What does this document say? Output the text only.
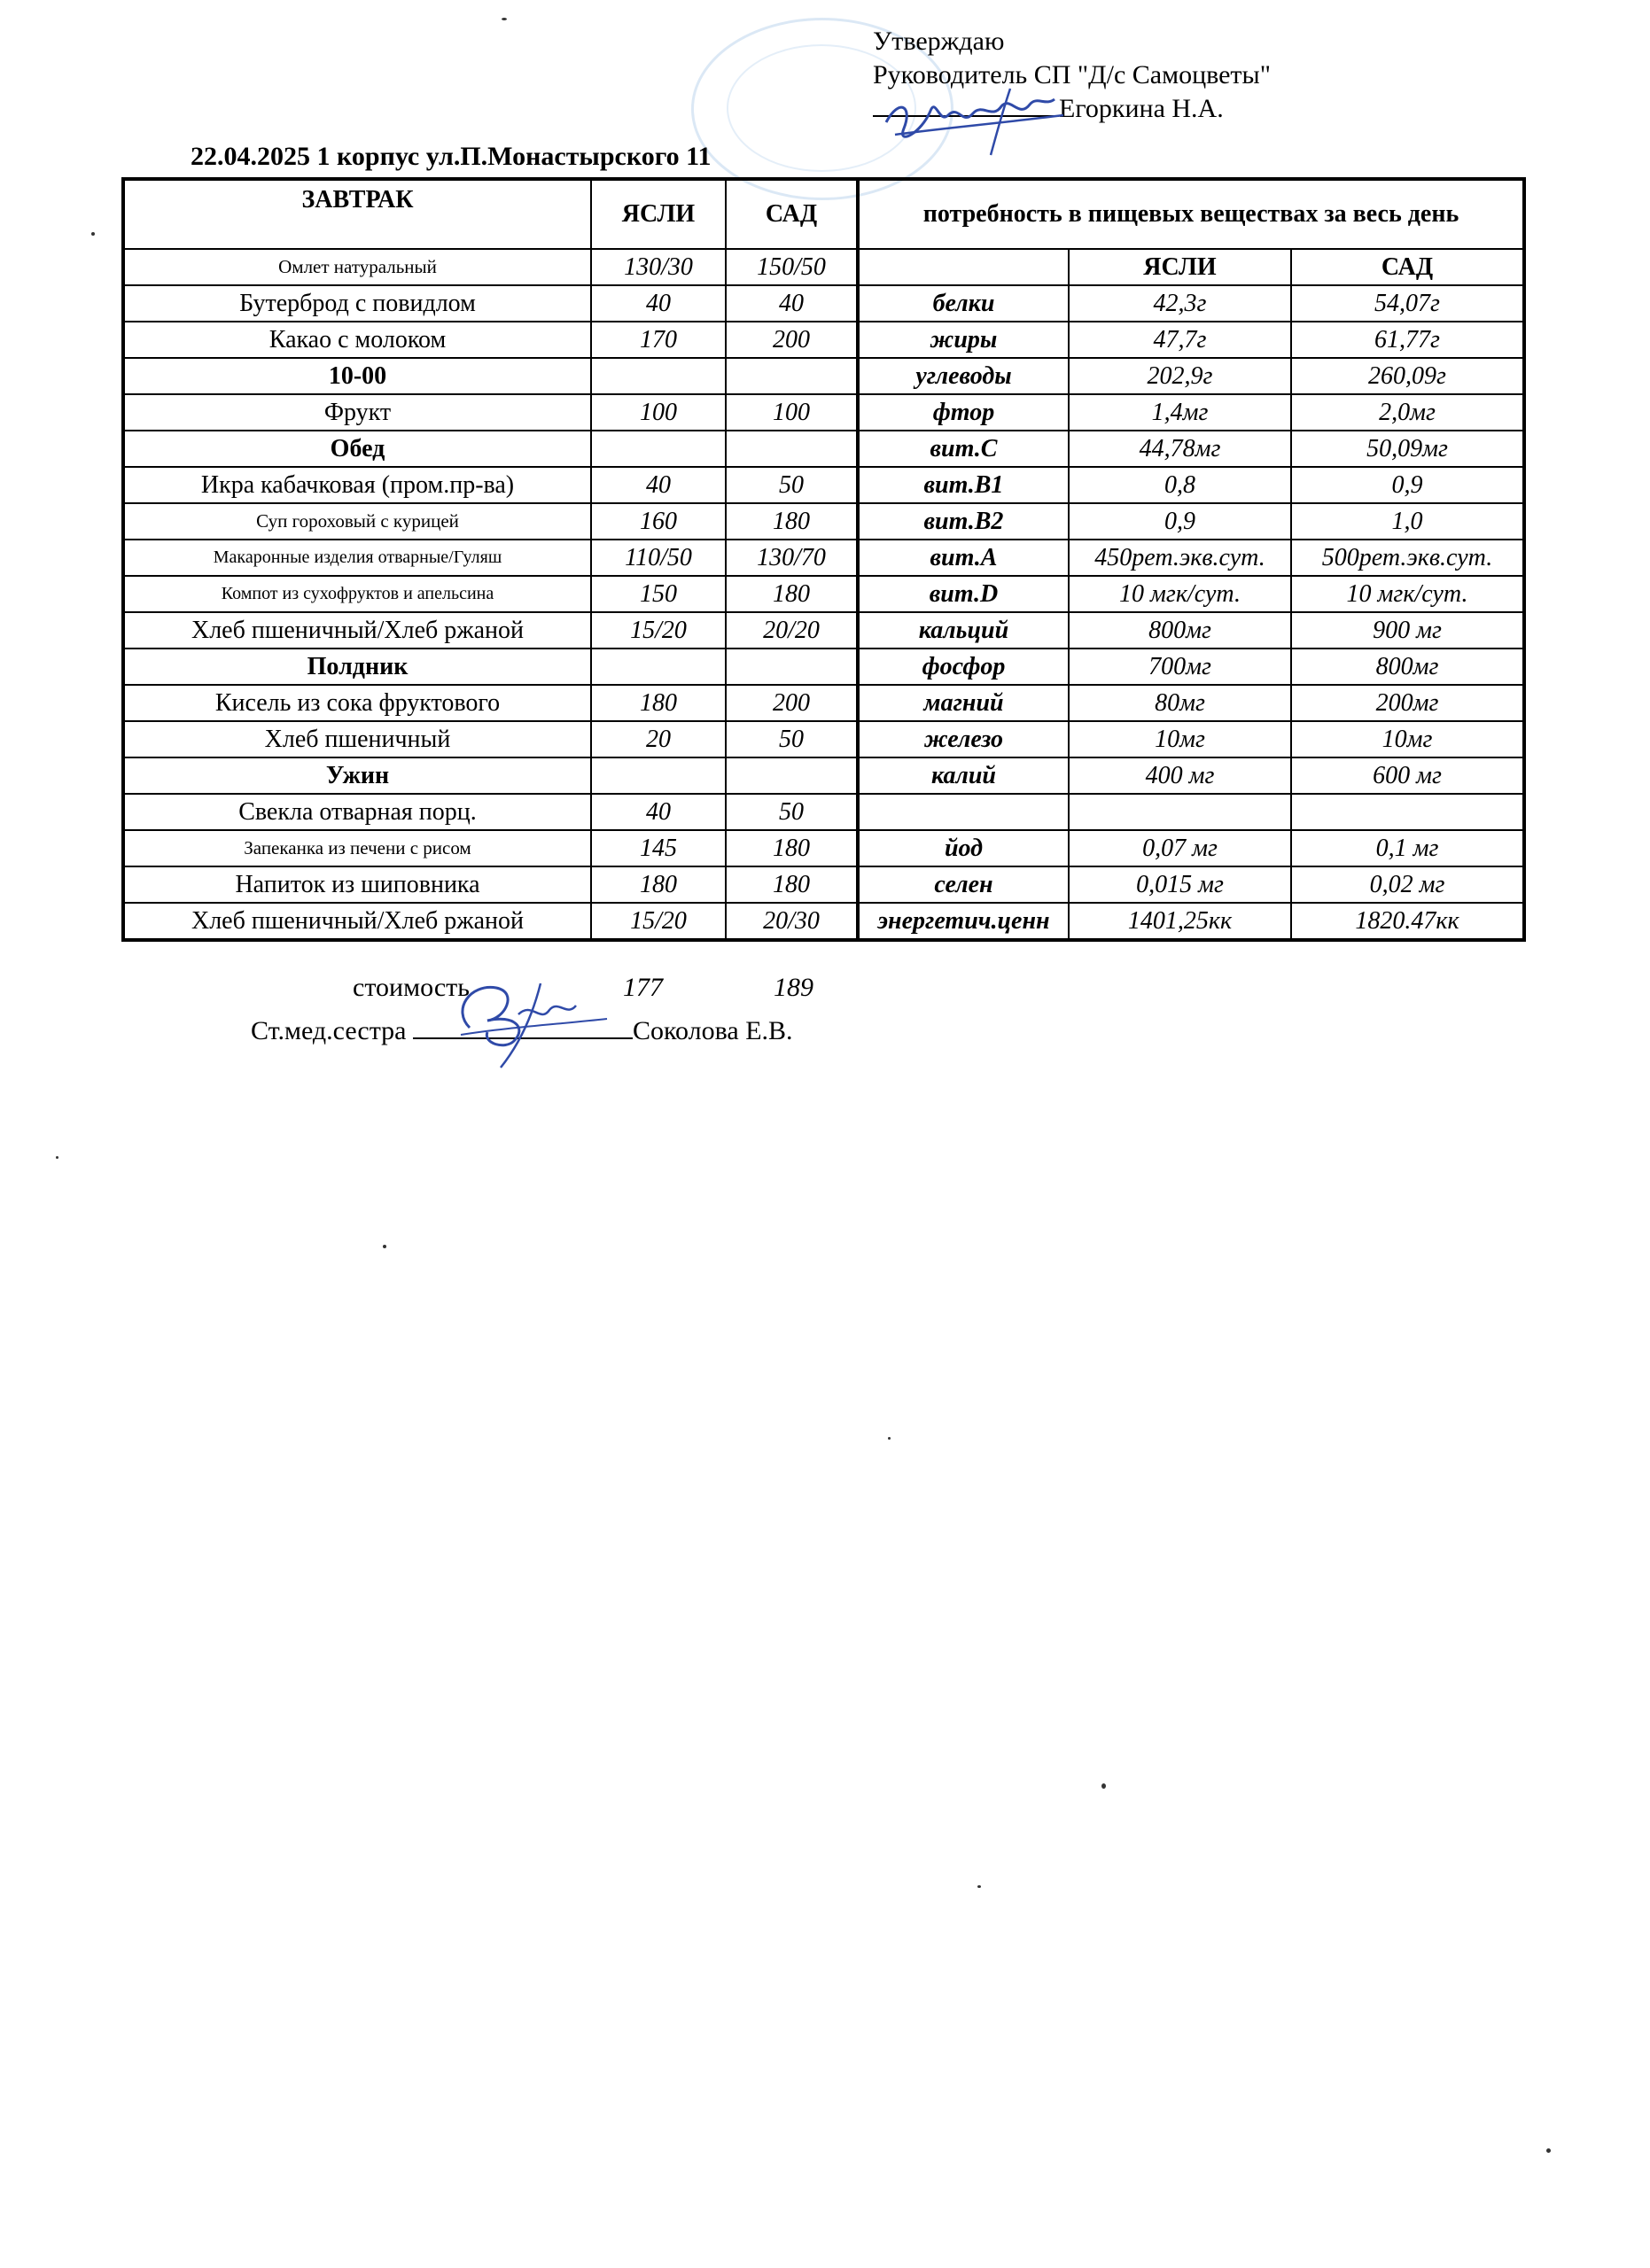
Утверждаю
Руководитель СП "Д/с Самоцветы"
Егоркина Н.А.
22.04.2025 1 корпус ул.П.Монастырского 11
ЗАВТРАК	ЯСЛИ	САД	потребность в пищевых веществах за весь день		
Омлет натуральный	130/30	150/50		ЯСЛИ	САД
Бутерброд с повидлом	40	40	белки	42,3г	54,07г
Какао с молоком	170	200	жиры	47,7г	61,77г
10-00			углеводы	202,9г	260,09г
Фрукт	100	100	фтор	1,4мг	2,0мг
Обед			вит.С	44,78мг	50,09мг
Икра кабачковая (пром.пр-ва)	40	50	вит.В1	0,8	0,9
Суп гороховый с курицей	160	180	вит.В2	0,9	1,0
Макаронные изделия отварные/Гуляш	110/50	130/70	вит.А	450рет.экв.сут.	500рет.экв.сут.
Компот из сухофруктов и апельсина	150	180	вит.D	10 мгк/сут.	10 мгк/сут.
Хлеб пшеничный/Хлеб ржаной	15/20	20/20	кальций	800мг	900 мг
Полдник			фосфор	700мг	800мг
Кисель из сока фруктового	180	200	магний	80мг	200мг
Хлеб пшеничный	20	50	железо	10мг	10мг
Ужин			калий	400 мг	600 мг
Свекла отварная порц.	40	50			
Запеканка из печени с рисом	145	180	йод	0,07 мг	0,1 мг
Напиток из шиповника	180	180	селен	0,015 мг	0,02 мг
Хлеб пшеничный/Хлеб ржаной	15/20	20/30	энергетич.ценн	1401,25кк	1820.47кк
стоимость	177	189
Ст.мед.сестра	Соколова Е.В.
